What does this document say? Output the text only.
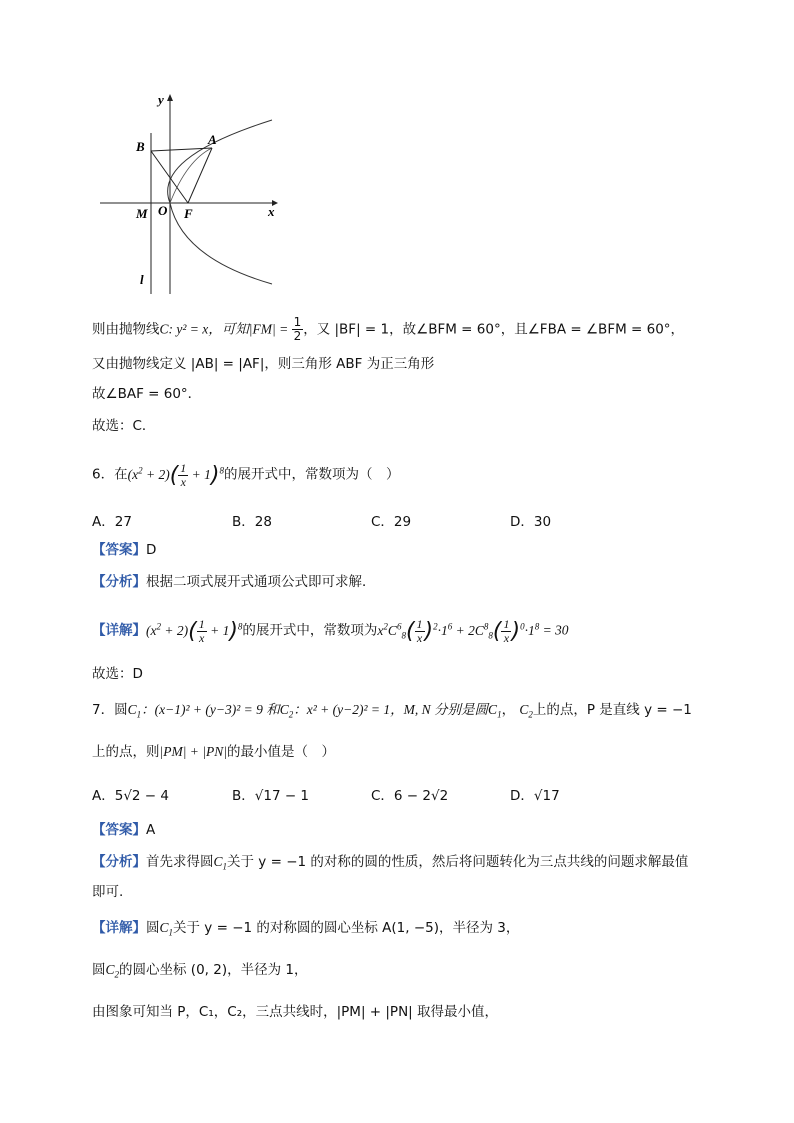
y
B	A
M O F	x
l
则由抛物线C: y² = x，可知$|FM| = \frac{1}{2}$ ，又 |BF| = 1，故∠BFM = 60°，且∠FBA = ∠BFM = 60°，
又由抛物线定义 |AB| = |AF|，则三角形 ABF 为正三角形
故∠BAF = 60°．
故选：C．
6．在$(x^2 + 2)( \frac{1}{x} + 1)^8$的展开式中，常数项为（　）
A．27	B．28	C．29	D．30
【答案】D
【分析】根据二项式展开式通项公式即可求解．
【详解】$(x^2 + 2)( \frac{1}{x} + 1)^8$的展开式中，常数项为$x^2C^6_8( \frac{1}{x} )^2\cdot 1^6 + 2C^8_8( \frac{1}{x} )^0\cdot 1^8 = 30$
故选：D
7．圆$C_1$：(x−1)² + (y−3)² = 9 和$C_2$：x² + (y−2)² = 1，M, N 分别是圆$C_1$， $C_2$上的点，P 是直线 y = −1
上的点，则|PM| + |PN|的最小值是（　）
A．5√2 − 4	B．√17 − 1	C．6 − 2√2	D．√17
【答案】A
【分析】首先求得圆$C_1$关于 y = −1 的对称的圆的性质，然后将问题转化为三点共线的问题求解最值
即可.
【详解】圆$C_1$关于 y = −1 的对称圆的圆心坐标 A(1, −5)，半径为 3，
圆$C_2$的圆心坐标 (0, 2)，半径为 1，
由图象可知当 P，C₁，C₂，三点共线时，|PM| + |PN| 取得最小值，
